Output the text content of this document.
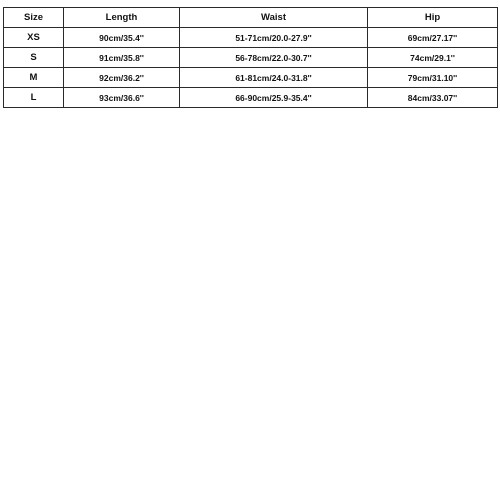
Size	Length	Waist	Hip
XS	90cm/35.4''	51-71cm/20.0-27.9''	69cm/27.17''
S	91cm/35.8''	56-78cm/22.0-30.7''	74cm/29.1''
M	92cm/36.2''	61-81cm/24.0-31.8''	79cm/31.10''
L	93cm/36.6''	66-90cm/25.9-35.4''	84cm/33.07''
